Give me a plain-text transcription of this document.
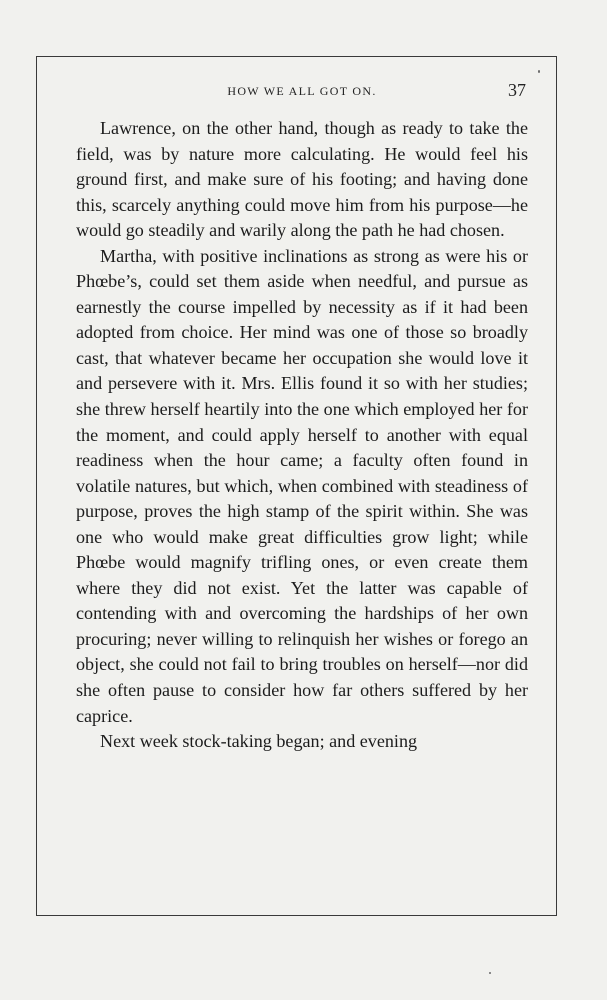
HOW WE ALL GOT ON.	37

Lawrence, on the other hand, though as ready to take the field, was by nature more calculating. He would feel his ground first, and make sure of his footing; and having done this, scarcely anything could move him from his purpose—he would go steadily and warily along the path he had chosen.

Martha, with positive inclinations as strong as were his or Phœbe’s, could set them aside when needful, and pursue as earnestly the course impelled by necessity as if it had been adopted from choice. Her mind was one of those so broadly cast, that whatever became her occupation she would love it and persevere with it. Mrs. Ellis found it so with her studies; she threw herself heartily into the one which employed her for the moment, and could apply herself to another with equal readiness when the hour came; a faculty often found in volatile natures, but which, when combined with steadiness of purpose, proves the high stamp of the spirit within. She was one who would make great difficulties grow light; while Phœbe would magnify trifling ones, or even create them where they did not exist. Yet the latter was capable of contending with and overcoming the hardships of her own procuring; never willing to relinquish her wishes or forego an object, she could not fail to bring troubles on herself—nor did she often pause to consider how far others suffered by her caprice.

Next week stock-taking began; and evening
